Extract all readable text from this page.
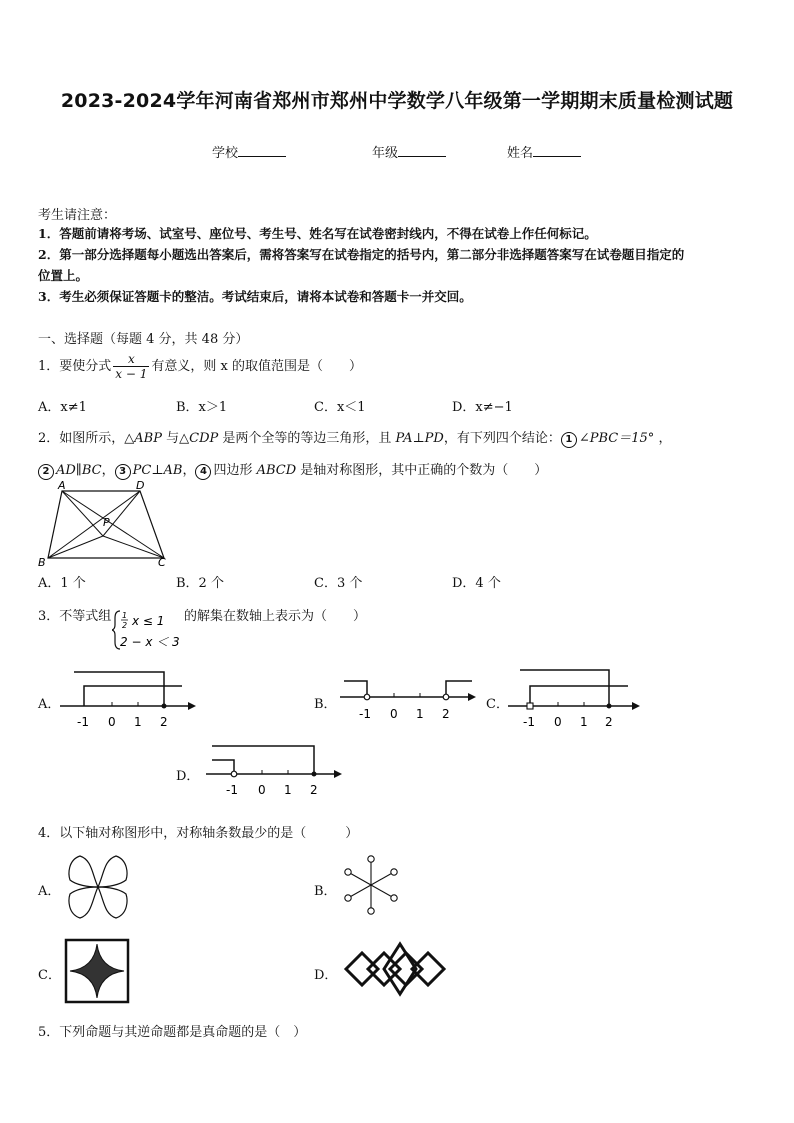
2023-2024学年河南省郑州市郑州中学数学八年级第一学期期末质量检测试题
学校	年级	姓名
考生请注意：
1．答题前请将考场、试室号、座位号、考生号、姓名写在试卷密封线内，不得在试卷上作任何标记。
2．第一部分选择题每小题选出答案后，需将答案写在试卷指定的括号内，第二部分非选择题答案写在试卷题目指定的
位置上。
3．考生必须保证答题卡的整洁。考试结束后，请将本试卷和答题卡一并交回。
一、选择题（每题 4 分，共 48 分）
1．要使分式 $\frac{x}{x - 1}$ 有意义，则 x 的取值范围是（　　）
A．x≠1	B．x＞1	C．x＜1	D．x≠−1
2．如图所示，△ABP 与△CDP 是两个全等的等边三角形，且 PA⊥PD，有下列四个结论： 1 ∠PBC＝15° ，
2 AD∥BC， 3 PC⊥AB， 4 四边形 ABCD 是轴对称图形，其中正确的个数为（　　）
A	D
P
B	C
A．1 个	B．2 个	C．3 个	D．4 个
3．不等式组 1
2 x ≤ 1
2 − x ＜ 3
的解集在数轴上表示为（　　）
A．
-1 0 1 2
B．
-1 0 1 2
C．
-1 0 1 2
D．
-1 0 1 2
4．以下轴对称图形中，对称轴条数最少的是（　　　）
A．	B．
C．	D．
5．下列命题与其逆命题都是真命题的是（　）
